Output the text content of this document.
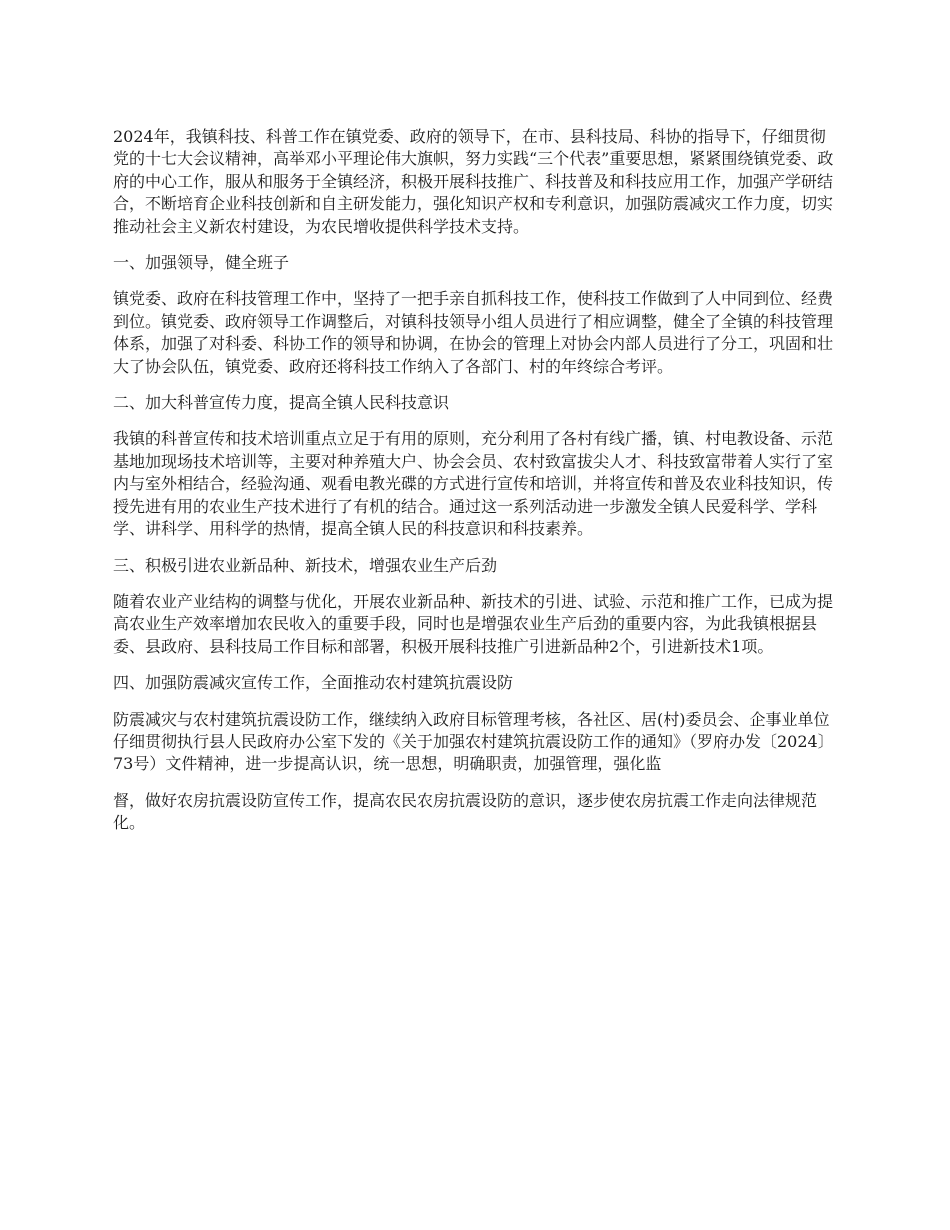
2024年，我镇科技、科普工作在镇党委、政府的领导下，在市、县科技局、科协的指导下，仔细贯彻党的十七大会议精神，高举邓小平理论伟大旗帜，努力实践“三个代表”重要思想，紧紧围绕镇党委、政府的中心工作，服从和服务于全镇经济，积极开展科技推广、科技普及和科技应用工作，加强产学研结合，不断培育企业科技创新和自主研发能力，强化知识产权和专利意识，加强防震减灾工作力度，切实推动社会主义新农村建设，为农民增收提供科学技术支持。

一、加强领导，健全班子

镇党委、政府在科技管理工作中，坚持了一把手亲自抓科技工作，使科技工作做到了人中同到位、经费到位。镇党委、政府领导工作调整后，对镇科技领导小组人员进行了相应调整，健全了全镇的科技管理体系，加强了对科委、科协工作的领导和协调，在协会的管理上对协会内部人员进行了分工，巩固和壮大了协会队伍，镇党委、政府还将科技工作纳入了各部门、村的年终综合考评。

二、加大科普宣传力度，提高全镇人民科技意识

我镇的科普宣传和技术培训重点立足于有用的原则，充分利用了各村有线广播，镇、村电教设备、示范基地加现场技术培训等，主要对种养殖大户、协会会员、农村致富拔尖人才、科技致富带着人实行了室内与室外相结合，经验沟通、观看电教光碟的方式进行宣传和培训，并将宣传和普及农业科技知识，传授先进有用的农业生产技术进行了有机的结合。通过这一系列活动进一步激发全镇人民爱科学、学科学、讲科学、用科学的热情，提高全镇人民的科技意识和科技素养。

三、积极引进农业新品种、新技术，增强农业生产后劲

随着农业产业结构的调整与优化，开展农业新品种、新技术的引进、试验、示范和推广工作，已成为提高农业生产效率增加农民收入的重要手段，同时也是增强农业生产后劲的重要内容，为此我镇根据县委、县政府、县科技局工作目标和部署，积极开展科技推广引进新品种2个，引进新技术1项。

四、加强防震减灾宣传工作，全面推动农村建筑抗震设防

防震减灾与农村建筑抗震设防工作，继续纳入政府目标管理考核，各社区、居(村)委员会、企事业单位仔细贯彻执行县人民政府办公室下发的《关于加强农村建筑抗震设防工作的通知》（罗府办发〔2024〕73号）文件精神，进一步提高认识，统一思想，明确职责，加强管理，强化监

督，做好农房抗震设防宣传工作，提高农民农房抗震设防的意识，逐步使农房抗震工作走向法律规范化。
